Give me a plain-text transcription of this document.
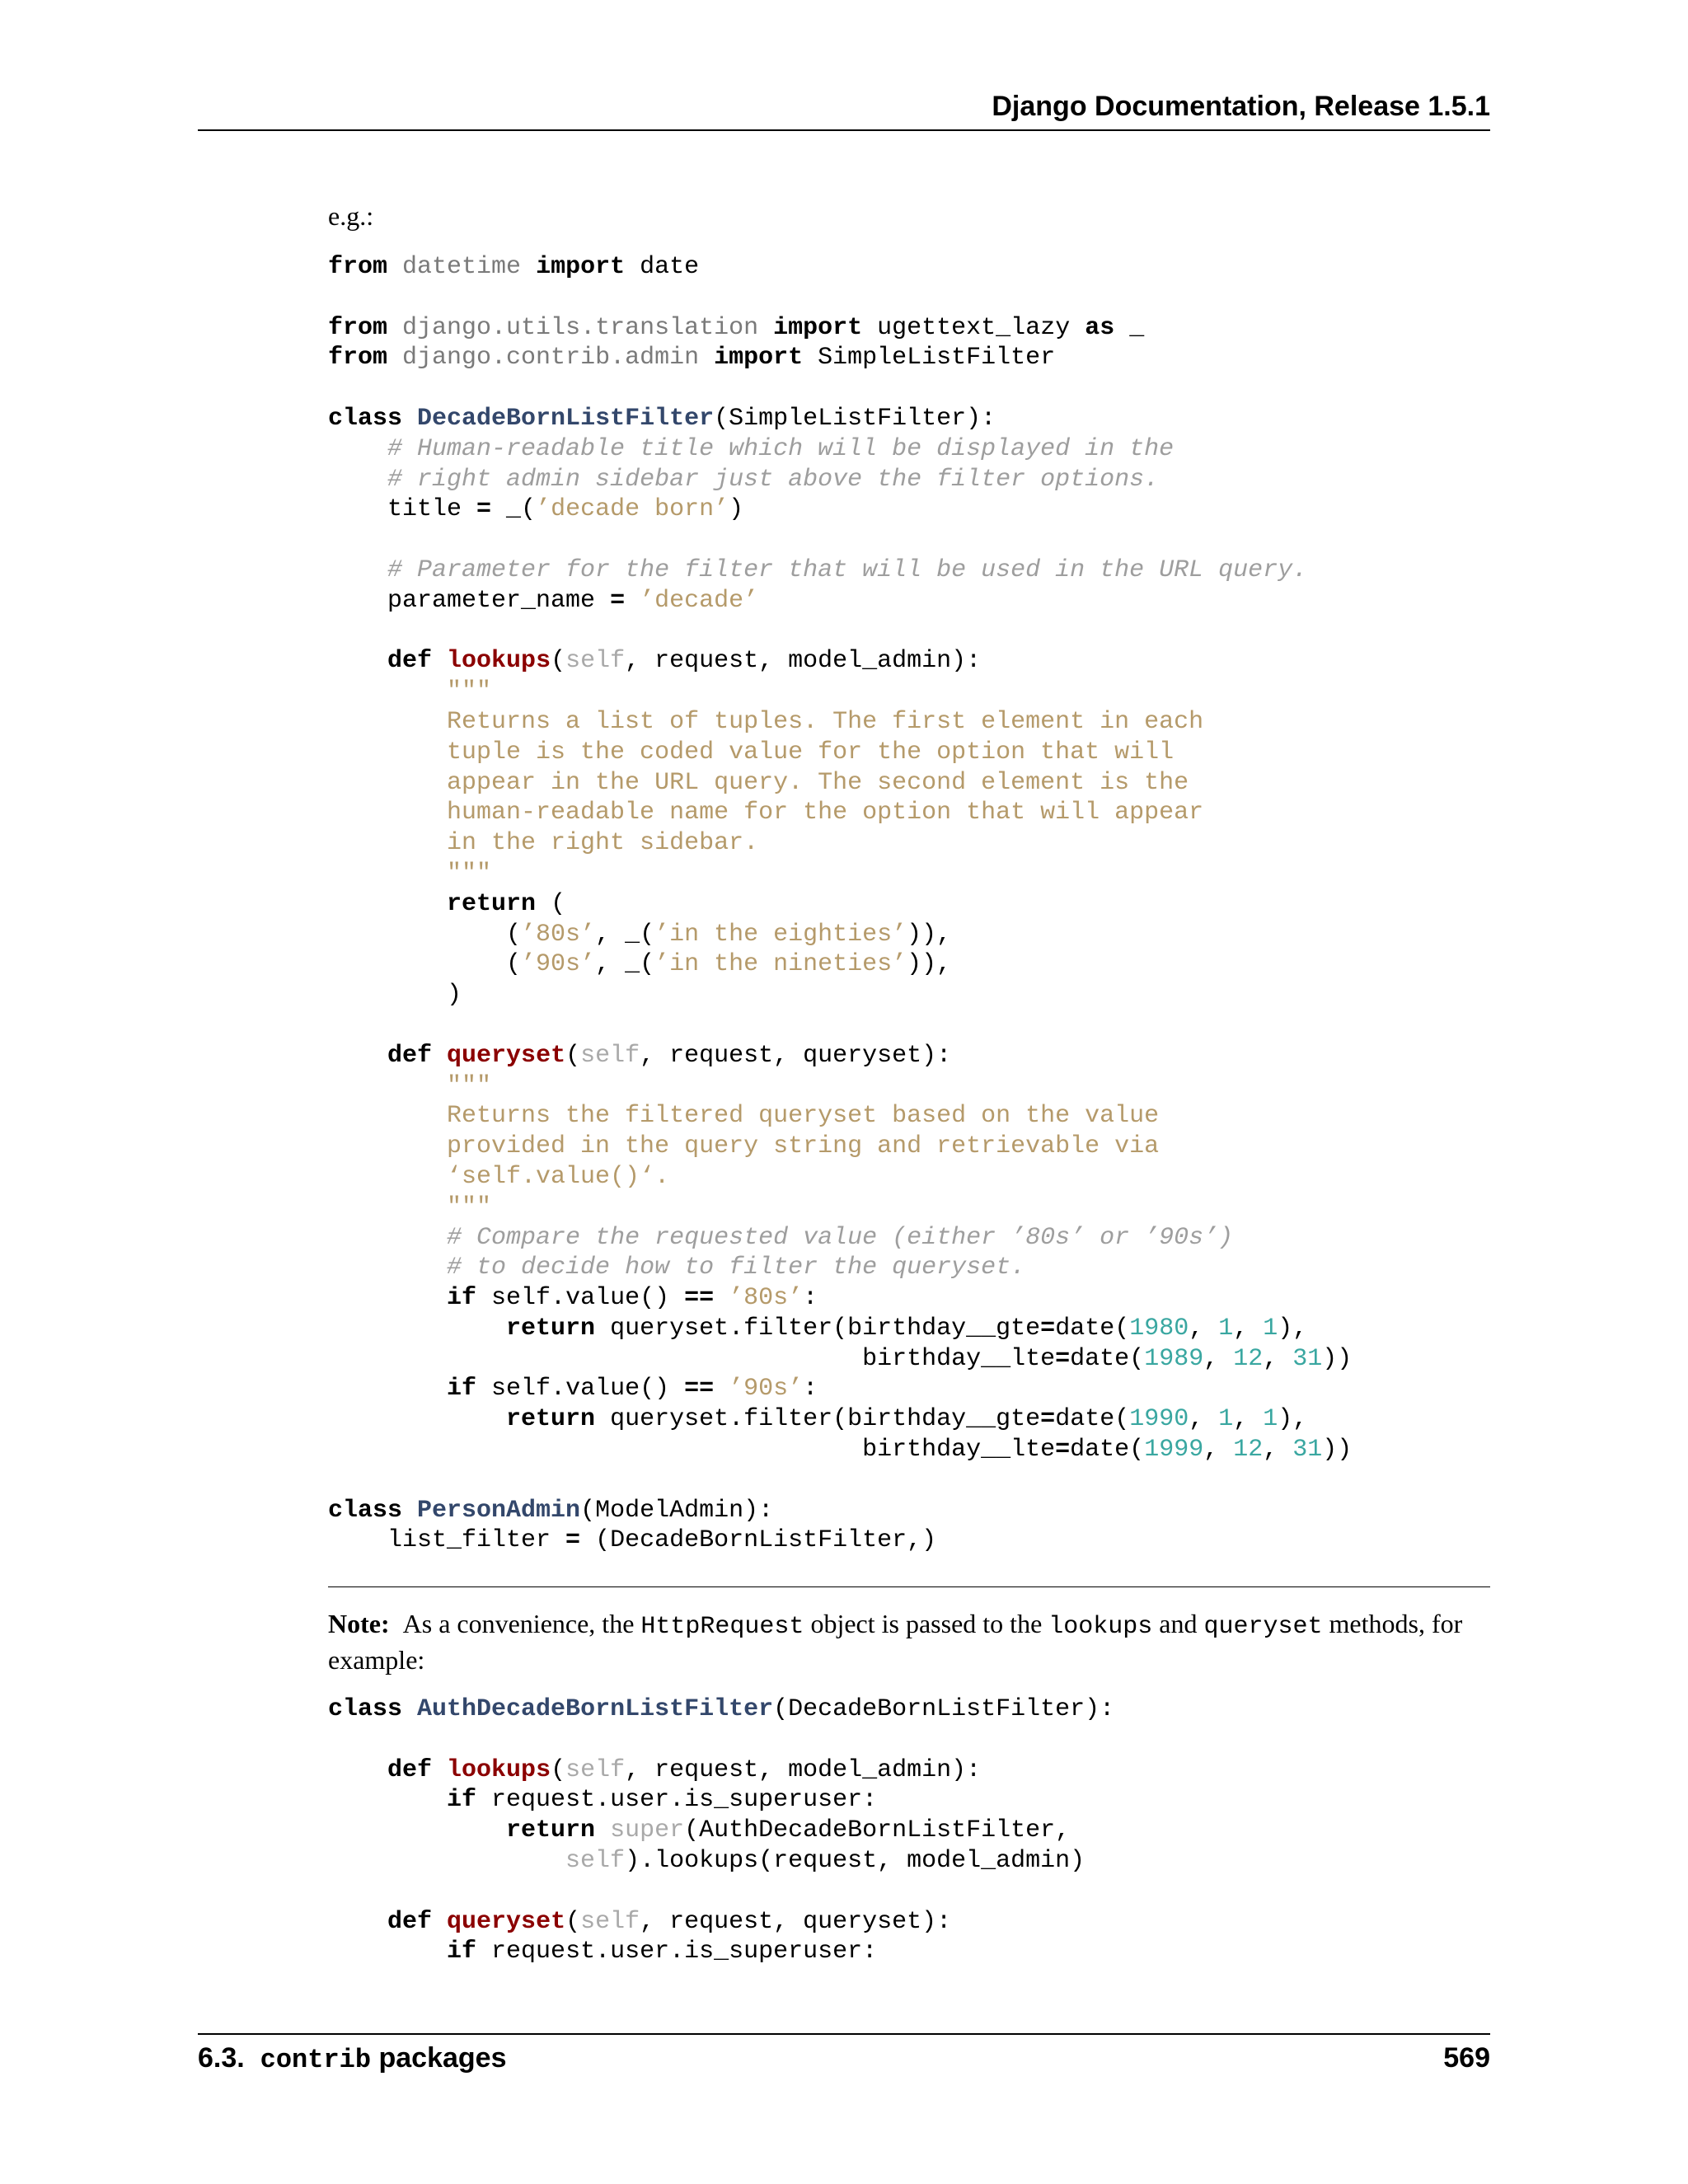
Django Documentation, Release 1.5.1
e.g.:
from datetime import date
from django.utils.translation import ugettext_lazy as _
from django.contrib.admin import SimpleListFilter
class DecadeBornListFilter(SimpleListFilter):
# Human-readable title which will be displayed in the
# right admin sidebar just above the filter options.
title = _(’decade born’)
# Parameter for the filter that will be used in the URL query.
parameter_name = ’decade’
def lookups(self, request, model_admin):
"""
Returns a list of tuples. The first element in each
tuple is the coded value for the option that will
appear in the URL query. The second element is the
human-readable name for the option that will appear
in the right sidebar.
"""
return (
(’80s’, _(’in the eighties’)),
(’90s’, _(’in the nineties’)),
)
def queryset(self, request, queryset):
"""
Returns the filtered queryset based on the value
provided in the query string and retrievable via
‘self.value()‘.
"""
# Compare the requested value (either ’80s’ or ’90s’)
# to decide how to filter the queryset.
if self.value() == ’80s’:
return queryset.filter(birthday__gte=date(1980, 1, 1),
birthday__lte=date(1989, 12, 31))
if self.value() == ’90s’:
return queryset.filter(birthday__gte=date(1990, 1, 1),
birthday__lte=date(1999, 12, 31))
class PersonAdmin(ModelAdmin):
list_filter = (DecadeBornListFilter,)
Note: As a convenience, the HttpRequest object is passed to the lookups and queryset methods, for example:
class AuthDecadeBornListFilter(DecadeBornListFilter):
def lookups(self, request, model_admin):
if request.user.is_superuser:
return super(AuthDecadeBornListFilter,
self).lookups(request, model_admin)
def queryset(self, request, queryset):
if request.user.is_superuser:
6.3. contrib packages	569
